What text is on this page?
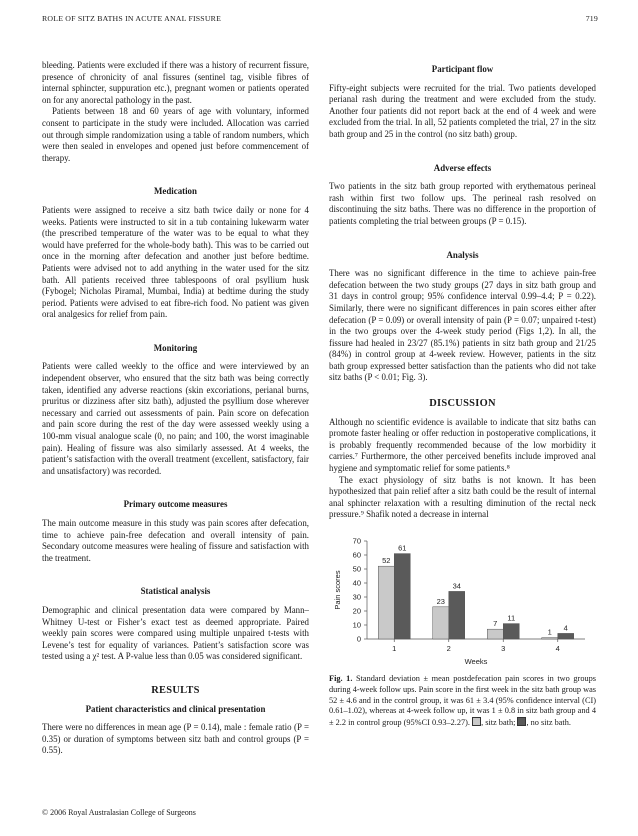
ROLE OF SITZ BATHS IN ACUTE ANAL FISSURE	719

bleeding. Patients were excluded if there was a history of recurrent fissure, presence of chronicity of anal fissures (sentinel tag, visible fibres of internal sphincter, suppuration etc.), pregnant women or patients operated on for any anorectal pathology in the past.

Patients between 18 and 60 years of age with voluntary, informed consent to participate in the study were included. Allocation was carried out through simple randomization using a table of random numbers, which were then sealed in envelopes and opened just before commencement of therapy.

Medication

Patients were assigned to receive a sitz bath twice daily or none for 4 weeks. Patients were instructed to sit in a tub containing lukewarm water (the prescribed temperature of the water was to be equal to what they would have preferred for the whole-body bath). This was to be carried out once in the morning after defecation and another just before bedtime. Patients were advised not to add anything in the water used for the sitz bath. All patients received three tablespoons of oral psyllium husk (Fybogel; Nicholas Piramal, Mumbai, India) at bedtime during the study period. Patients were advised to eat fibre-rich food. No patient was given oral analgesics for relief from pain.

Monitoring

Patients were called weekly to the office and were interviewed by an independent observer, who ensured that the sitz bath was being correctly taken, identified any adverse reactions (skin excoriations, perianal burns, pruritus or dizziness after sitz bath), adjusted the psyllium dose wherever necessary and carried out assessments of pain. Pain score on defecation and pain score during the rest of the day were assessed weekly using a 100-mm visual analogue scale (0, no pain; and 100, the worst imaginable pain). Healing of fissure was also similarly assessed. At 4 weeks, the patient’s satisfaction with the overall treatment (excellent, satisfactory, fair and unsatisfactory) was recorded.

Primary outcome measures

The main outcome measure in this study was pain scores after defecation, time to achieve pain-free defecation and overall intensity of pain. Secondary outcome measures were healing of fissure and satisfaction with the treatment.

Statistical analysis

Demographic and clinical presentation data were compared by Mann–Whitney U-test or Fisher’s exact test as deemed appropriate. Paired weekly pain scores were compared using multiple unpaired t-tests with Levene’s test for equality of variances. Patient’s satisfaction score was tested using a χ² test. A P-value less than 0.05 was considered significant.

RESULTS
Patient characteristics and clinical presentation

There were no differences in mean age (P = 0.14), male : female ratio (P = 0.35) or duration of symptoms between sitz bath and control groups (P = 0.55).

Participant flow

Fifty-eight subjects were recruited for the trial. Two patients developed perianal rash during the treatment and were excluded from the study. Another four patients did not report back at the end of 4 week and were excluded from the trial. In all, 52 patients completed the trial, 27 in the sitz bath group and 25 in the control (no sitz bath) group.

Adverse effects

Two patients in the sitz bath group reported with erythematous perineal rash within first two follow ups. The perineal rash resolved on discontinuing the sitz baths. There was no difference in the proportion of patients completing the trial between groups (P = 0.15).

Analysis

There was no significant difference in the time to achieve pain-free defecation between the two study groups (27 days in sitz bath group and 31 days in control group; 95% confidence interval 0.99–4.4; P = 0.22). Similarly, there were no significant differences in pain scores either after defecation (P = 0.09) or overall intensity of pain (P = 0.07; unpaired t-test) in the two groups over the 4-week study period (Figs 1,2). In all, the fissure had healed in 23/27 (85.1%) patients in sitz bath group and 21/25 (84%) in control group at 4-week review. However, patients in the sitz bath group expressed better satisfaction than the patients who did not take sitz baths (P < 0.01; Fig. 3).

DISCUSSION

Although no scientific evidence is available to indicate that sitz baths can promote faster healing or offer reduction in postoperative complications, it is probably frequently recommended because of the low morbidity it carries.⁷ Furthermore, the other perceived benefits include improved anal hygiene and symptomatic relief for some patients.⁸

The exact physiology of sitz baths is not known. It has been hypothesized that pain relief after a sitz bath could be the result of internal anal sphincter relaxation with a resulting diminution of the rectal neck pressure.⁹ Shafik noted a decrease in internal

0
10
20
30
40
50
60
70
52
61
23
34
7
11
1 4
1	2	3	4
Pain scores
Weeks
Fig. 1. Standard deviation ± mean postdefecation pain scores in two groups during 4-week follow ups. Pain score in the first week in the sitz bath group was 52 ± 4.6 and in the control group, it was 61 ± 3.4 (95% confidence interval (CI) 0.61–1.02), whereas at 4-week follow up, it was 1 ± 0.8 in sitz bath group and 4 ± 2.2 in control group (95%CI 0.93–2.27). , sitz bath; , no sitz bath.
© 2006 Royal Australasian College of Surgeons
